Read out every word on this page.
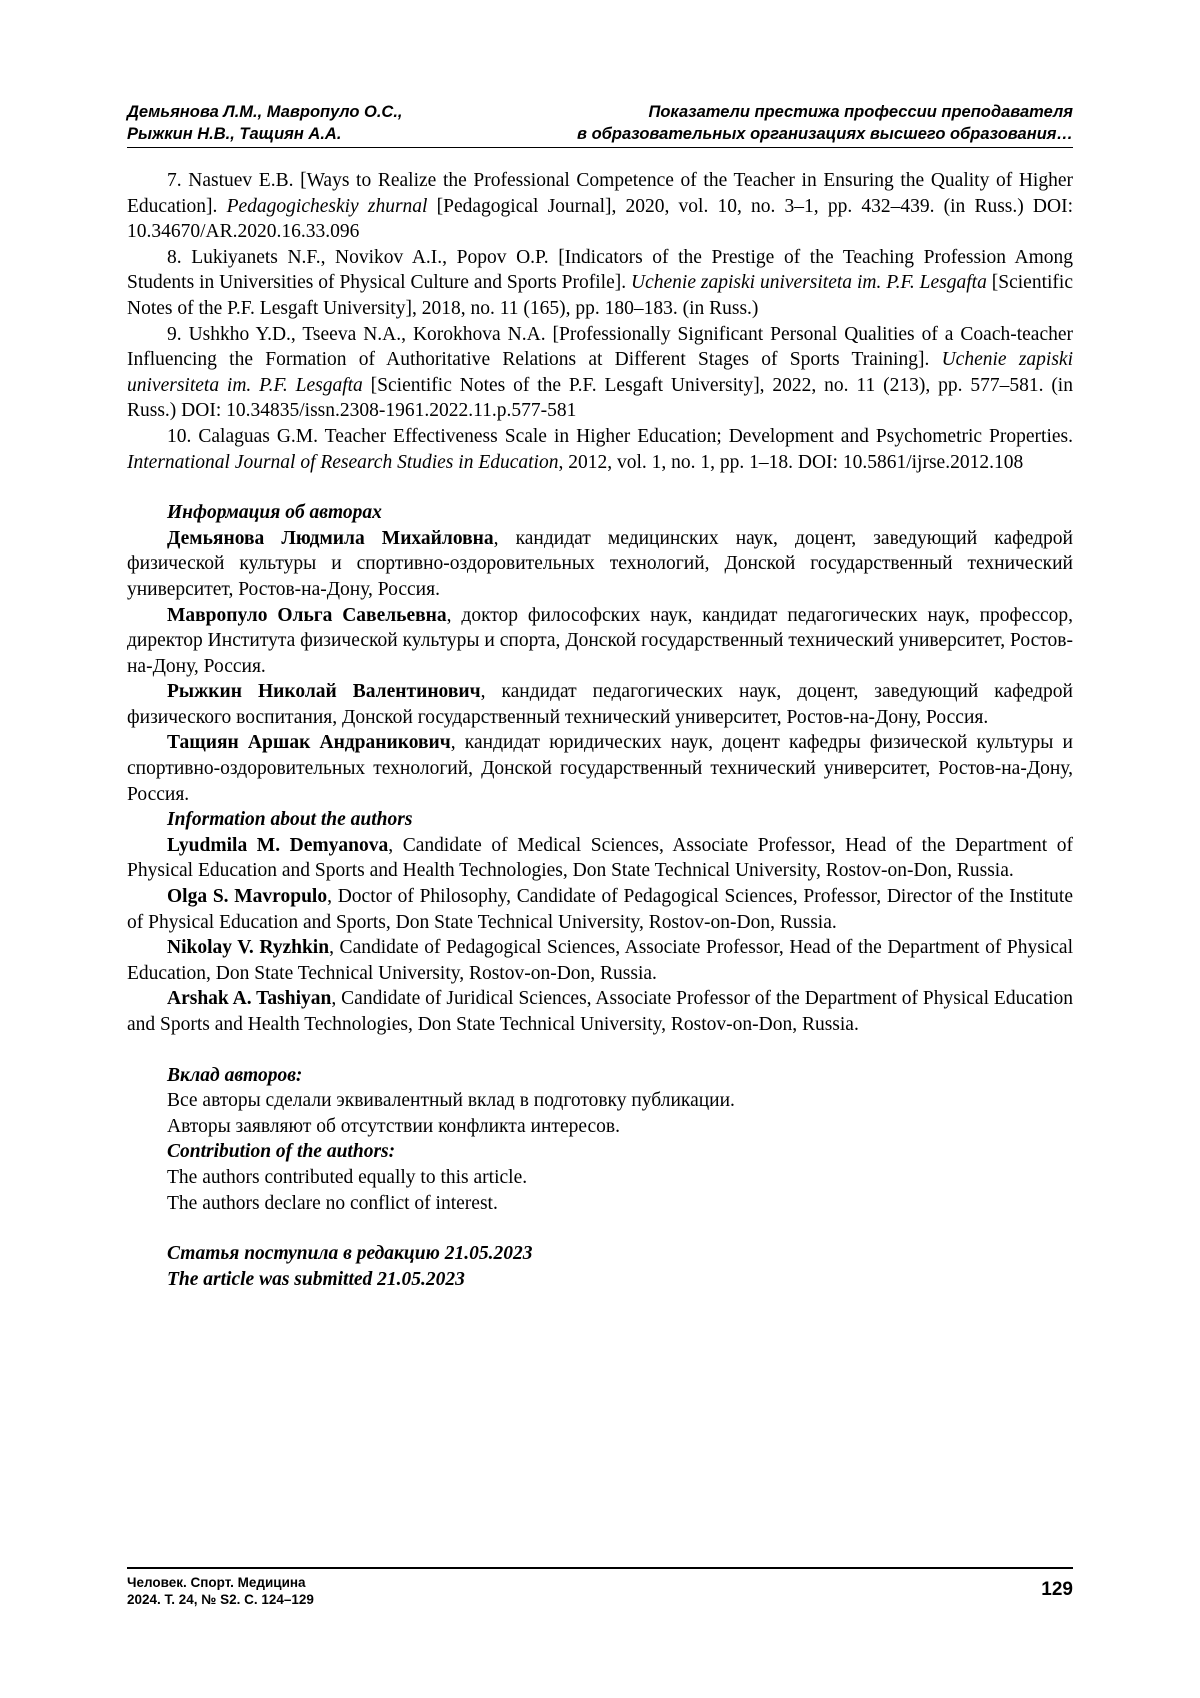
Демьянова Л.М., Мавропуло О.С.,
Рыжкин Н.В., Тащиян А.А.
Показатели престижа профессии преподавателя
в образовательных организациях высшего образования…

7. Nastuev E.B. [Ways to Realize the Professional Competence of the Teacher in Ensuring the Quality of Higher Education]. Pedagogicheskiy zhurnal [Pedagogical Journal], 2020, vol. 10, no. 3–1, pp. 432–439. (in Russ.) DOI: 10.34670/AR.2020.16.33.096

8. Lukiyanets N.F., Novikov A.I., Popov O.P. [Indicators of the Prestige of the Teaching Profession Among Students in Universities of Physical Culture and Sports Profile]. Uchenie zapiski universiteta im. P.F. Lesgafta [Scientific Notes of the P.F. Lesgaft University], 2018, no. 11 (165), pp. 180–183. (in Russ.)

9. Ushkho Y.D., Tseeva N.A., Korokhova N.A. [Professionally Significant Personal Qualities of a Coach-teacher Influencing the Formation of Authoritative Relations at Different Stages of Sports Training]. Uchenie zapiski universiteta im. P.F. Lesgafta [Scientific Notes of the P.F. Lesgaft University], 2022, no. 11 (213), pp. 577–581. (in Russ.) DOI: 10.34835/issn.2308-1961.2022.11.p.577-581

10. Calaguas G.M. Teacher Effectiveness Scale in Higher Education; Development and Psychometric Properties. International Journal of Research Studies in Education, 2012, vol. 1, no. 1, pp. 1–18. DOI: 10.5861/ijrse.2012.108

Информация об авторах

Демьянова Людмила Михайловна, кандидат медицинских наук, доцент, заведующий кафедрой физической культуры и спортивно-оздоровительных технологий, Донской государственный технический университет, Ростов-на-Дону, Россия.

Мавропуло Ольга Савельевна, доктор философских наук, кандидат педагогических наук, профессор, директор Института физической культуры и спорта, Донской государственный технический университет, Ростов-на-Дону, Россия.

Рыжкин Николай Валентинович, кандидат педагогических наук, доцент, заведующий кафедрой физического воспитания, Донской государственный технический университет, Ростов-на-Дону, Россия.

Тащиян Аршак Андраникович, кандидат юридических наук, доцент кафедры физической культуры и спортивно-оздоровительных технологий, Донской государственный технический университет, Ростов-на-Дону, Россия.

Information about the authors

Lyudmila M. Demyanova, Candidate of Medical Sciences, Associate Professor, Head of the Department of Physical Education and Sports and Health Technologies, Don State Technical University, Rostov-on-Don, Russia.

Olga S. Mavropulo, Doctor of Philosophy, Candidate of Pedagogical Sciences, Professor, Director of the Institute of Physical Education and Sports, Don State Technical University, Rostov-on-Don, Russia.

Nikolay V. Ryzhkin, Candidate of Pedagogical Sciences, Associate Professor, Head of the Department of Physical Education, Don State Technical University, Rostov-on-Don, Russia.

Arshak A. Tashiyan, Candidate of Juridical Sciences, Associate Professor of the Department of Physical Education and Sports and Health Technologies, Don State Technical University, Rostov-on-Don, Russia.

Вклад авторов:

Все авторы сделали эквивалентный вклад в подготовку публикации.

Авторы заявляют об отсутствии конфликта интересов.

Contribution of the authors:

The authors contributed equally to this article.

The authors declare no conflict of interest.

Статья поступила в редакцию 21.05.2023

The article was submitted 21.05.2023

Человек. Спорт. Медицина
2024. Т. 24, № S2. С. 124–129	129
